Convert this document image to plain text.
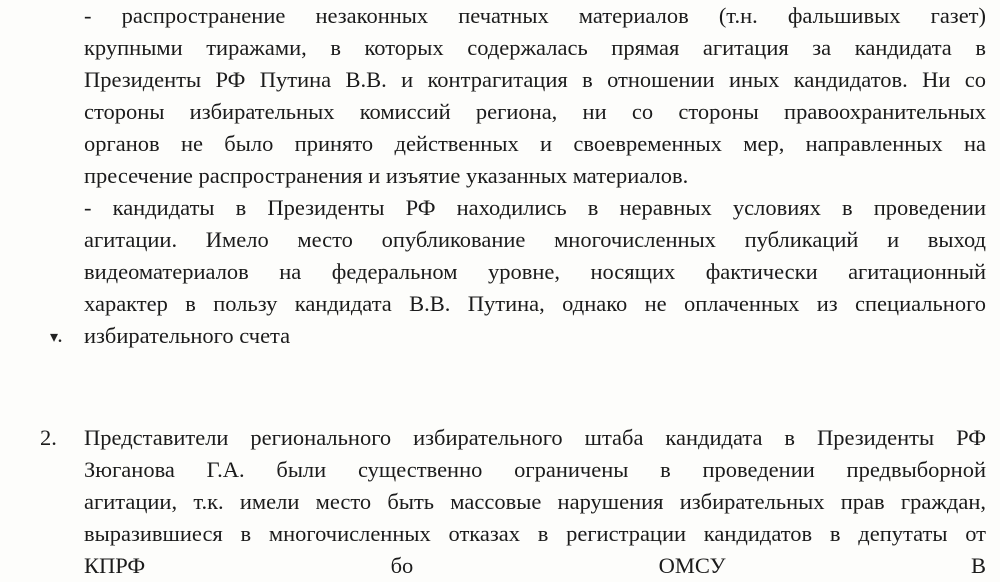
- распространение незаконных печатных материалов (т.н. фальшивых газет)
крупными тиражами, в которых содержалась прямая агитация за кандидата в
Президенты РФ Путина В.В. и контрагитация в отношении иных кандидатов. Ни со
стороны избирательных комиссий региона, ни со стороны правоохранительных
органов не было принято действенных и своевременных мер, направленных на
пресечение распространения и изъятие указанных материалов.
- кандидаты в Президенты РФ находились в неравных условиях в проведении
агитации. Имело место опубликование многочисленных публикаций и выход
видеоматериалов на федеральном уровне, носящих фактически агитационный
характер в пользу кандидата В.В. Путина, однако не оплаченных из специального
избирательного счета
▾.
2. Представители регионального избирательного штаба кандидата в Президенты РФ
Зюганова Г.А. были существенно ограничены в проведении предвыборной
агитации, т.к. имели место быть массовые нарушения избирательных прав граждан,
выразившиеся в многочисленных отказах в регистрации кандидатов в депутаты от
КПРФ бо ОМСУ В
